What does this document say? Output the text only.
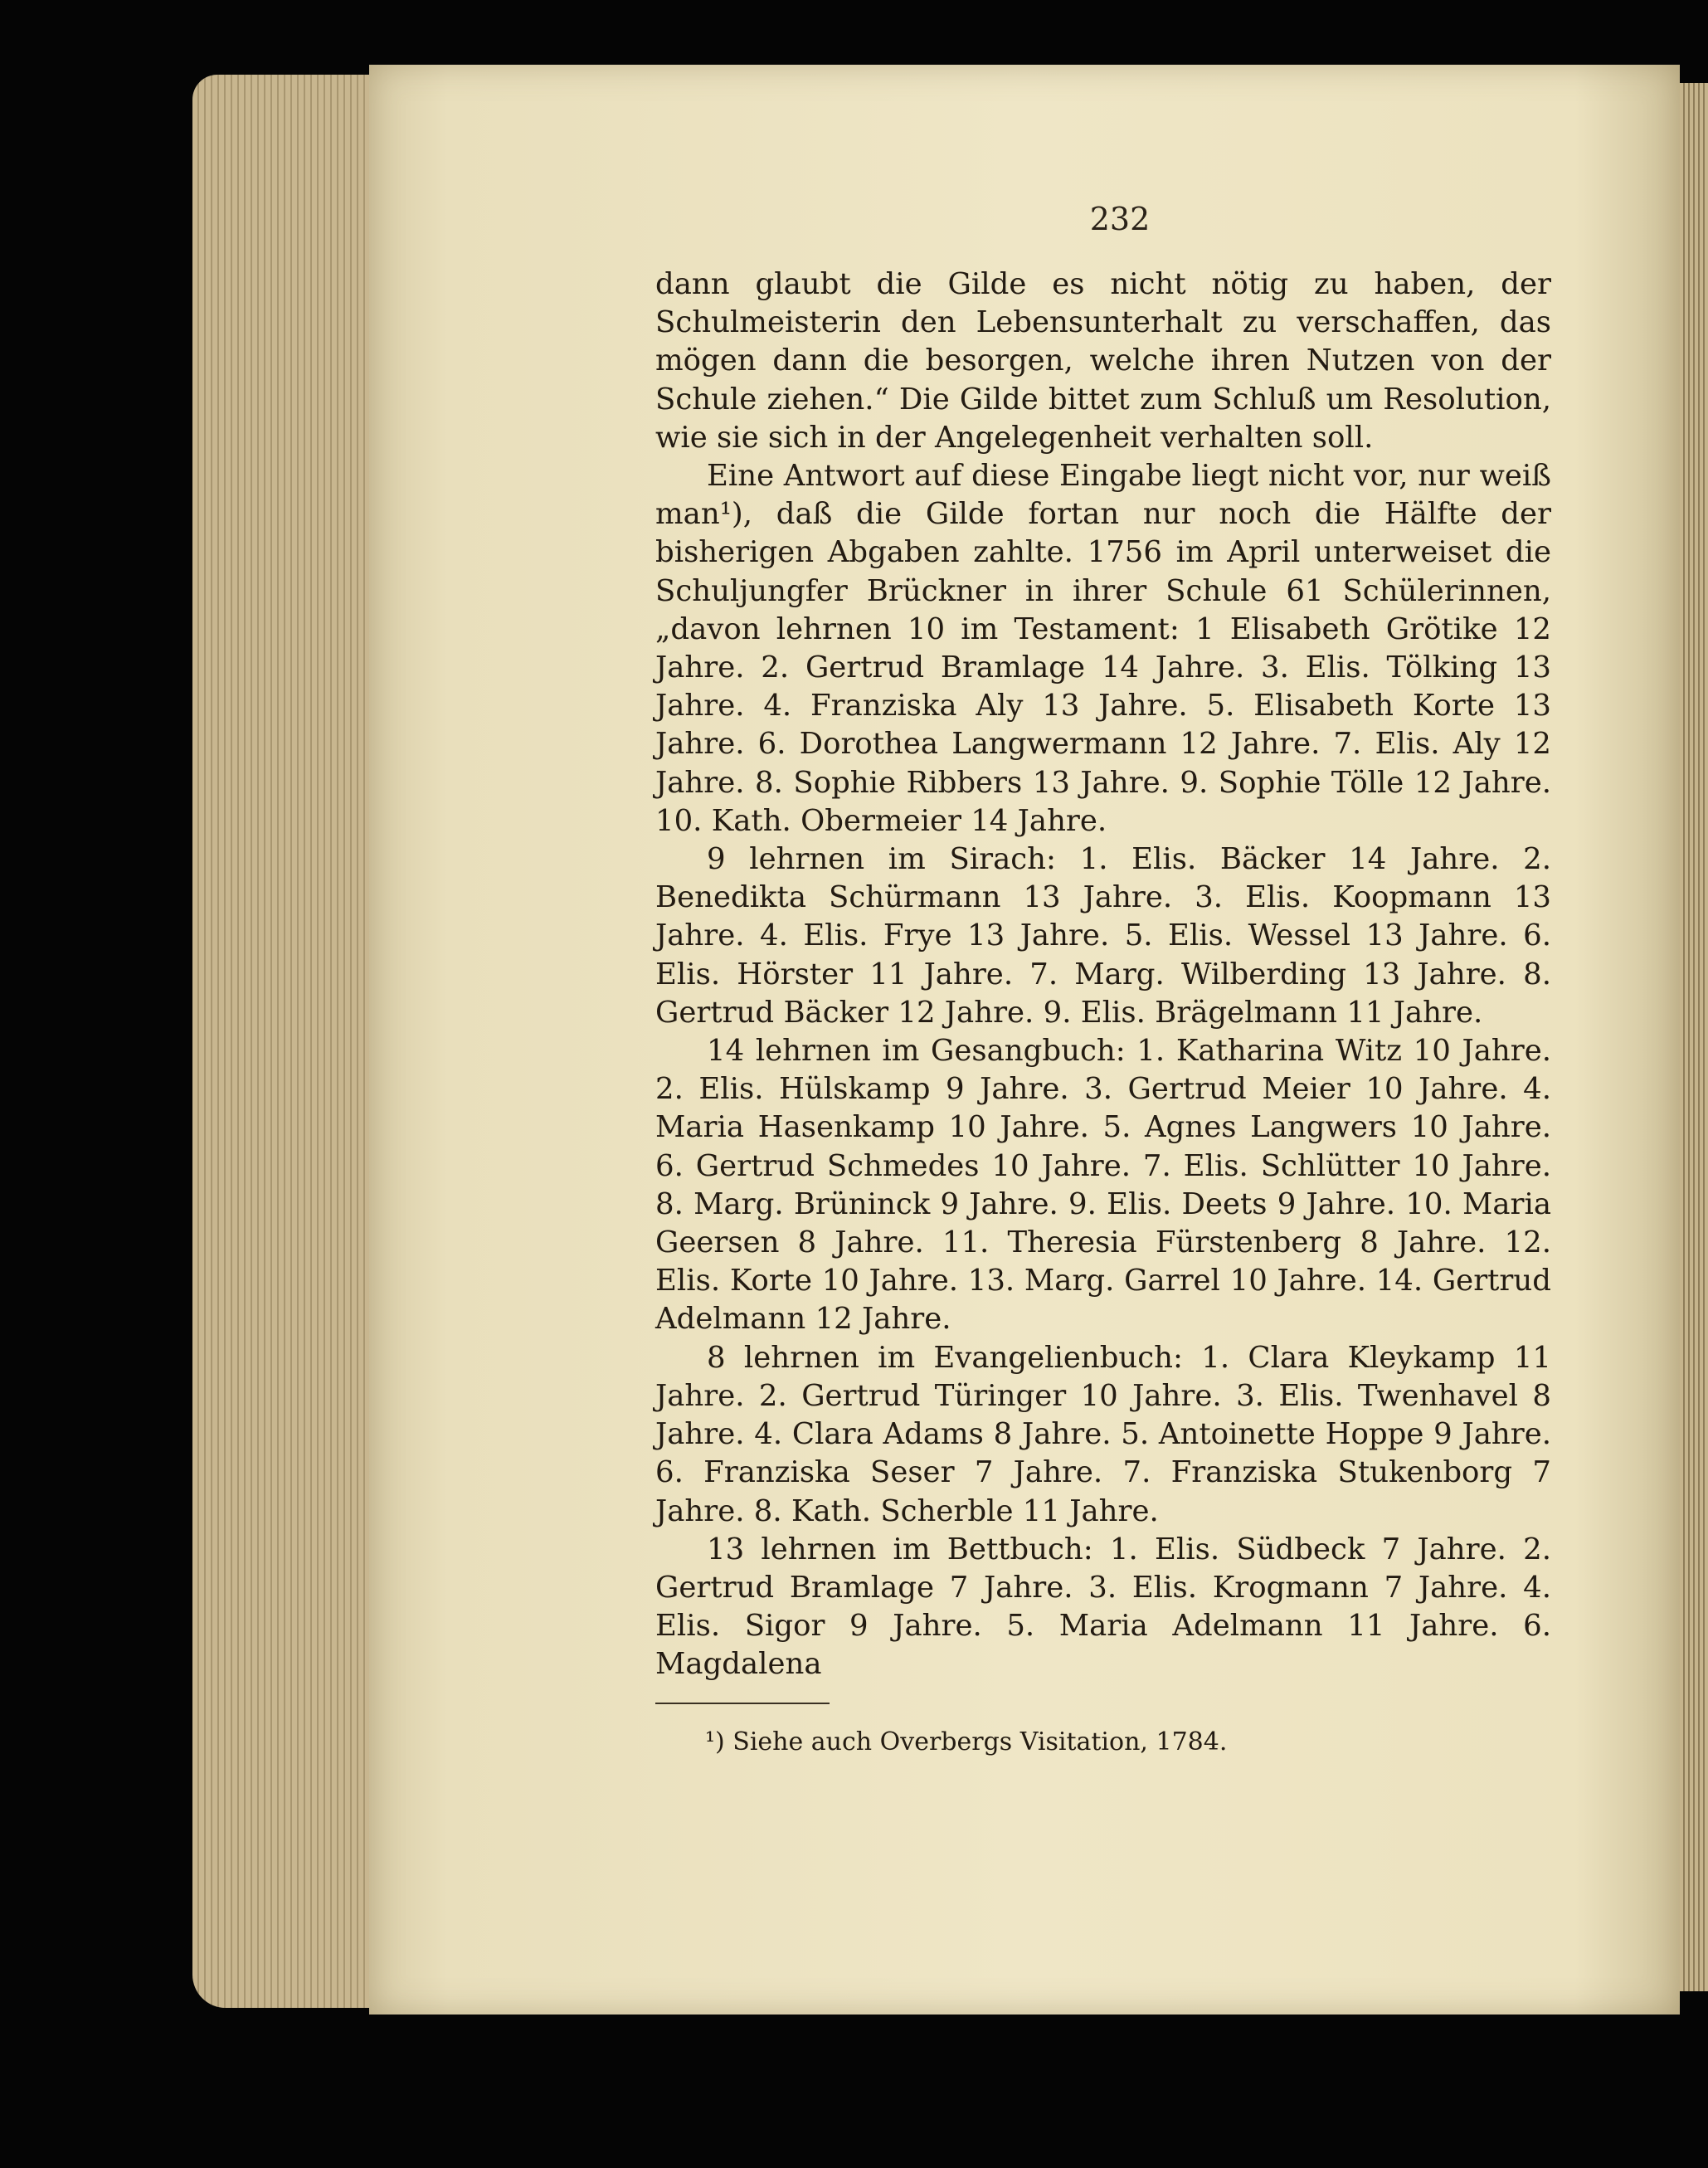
232

dann glaubt die Gilde es nicht nötig zu haben, der Schulmeisterin den Lebensunterhalt zu verschaffen, das mögen dann die besorgen, welche ihren Nutzen von der Schule ziehen.“ Die Gilde bittet zum Schluß um Resolution, wie sie sich in der Angelegenheit verhalten soll.

Eine Antwort auf diese Eingabe liegt nicht vor, nur weiß man¹), daß die Gilde fortan nur noch die Hälfte der bisherigen Abgaben zahlte. 1756 im April unterweiset die Schuljungfer Brückner in ihrer Schule 61 Schülerinnen, „davon lehrnen 10 im Testament: 1 Elisabeth Grötike 12 Jahre. 2. Gertrud Bramlage 14 Jahre. 3. Elis. Tölking 13 Jahre. 4. Franziska Aly 13 Jahre. 5. Elisabeth Korte 13 Jahre. 6. Dorothea Langwermann 12 Jahre. 7. Elis. Aly 12 Jahre. 8. Sophie Ribbers 13 Jahre. 9. Sophie Tölle 12 Jahre. 10. Kath. Obermeier 14 Jahre.

9 lehrnen im Sirach: 1. Elis. Bäcker 14 Jahre. 2. Benedikta Schürmann 13 Jahre. 3. Elis. Koopmann 13 Jahre. 4. Elis. Frye 13 Jahre. 5. Elis. Wessel 13 Jahre. 6. Elis. Hörster 11 Jahre. 7. Marg. Wilberding 13 Jahre. 8. Gertrud Bäcker 12 Jahre. 9. Elis. Brägelmann 11 Jahre.

14 lehrnen im Gesangbuch: 1. Katharina Witz 10 Jahre. 2. Elis. Hülskamp 9 Jahre. 3. Gertrud Meier 10 Jahre. 4. Maria Hasenkamp 10 Jahre. 5. Agnes Langwers 10 Jahre. 6. Gertrud Schmedes 10 Jahre. 7. Elis. Schlütter 10 Jahre. 8. Marg. Brüninck 9 Jahre. 9. Elis. Deets 9 Jahre. 10. Maria Geersen 8 Jahre. 11. Theresia Fürstenberg 8 Jahre. 12. Elis. Korte 10 Jahre. 13. Marg. Garrel 10 Jahre. 14. Gertrud Adelmann 12 Jahre.

8 lehrnen im Evangelienbuch: 1. Clara Kleykamp 11 Jahre. 2. Gertrud Türinger 10 Jahre. 3. Elis. Twenhavel 8 Jahre. 4. Clara Adams 8 Jahre. 5. Antoinette Hoppe 9 Jahre. 6. Franziska Seser 7 Jahre. 7. Franziska Stukenborg 7 Jahre. 8. Kath. Scherble 11 Jahre.

13 lehrnen im Bettbuch: 1. Elis. Südbeck 7 Jahre. 2. Gertrud Bramlage 7 Jahre. 3. Elis. Krogmann 7 Jahre. 4. Elis. Sigor 9 Jahre. 5. Maria Adelmann 11 Jahre. 6. Magdalena

¹) Siehe auch Overbergs Visitation, 1784.
